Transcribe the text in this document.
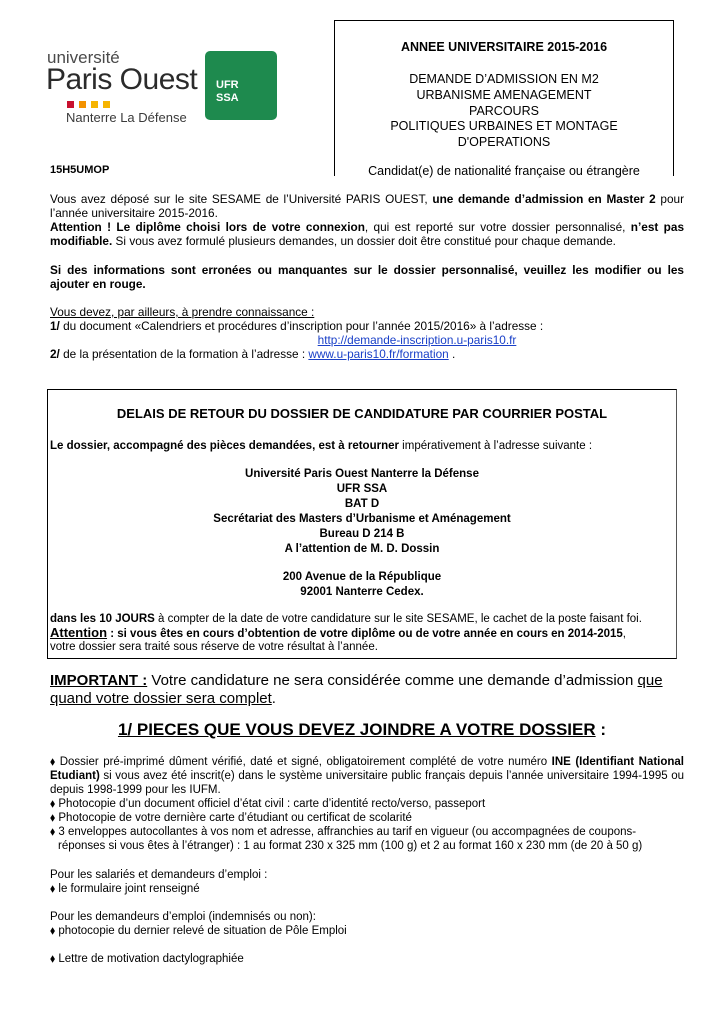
université
Paris Ouest
Nanterre La Défense
UFR
SSA
15H5UMOP
ANNEE UNIVERSITAIRE 2015-2016
DEMANDE D’ADMISSION EN M2
URBANISME AMENAGEMENT
PARCOURS
POLITIQUES URBAINES ET MONTAGE
D'OPERATIONS
Candidat(e) de nationalité française ou étrangère
Vous avez déposé sur le site SESAME de l’Université PARIS OUEST, une demande d’admission en Master 2 pour l’année universitaire 2015-2016.
Attention ! Le diplôme choisi lors de votre connexion, qui est reporté sur votre dossier personnalisé, n’est pas modifiable. Si vous avez formulé plusieurs demandes, un dossier doit être constitué pour chaque demande.
Si des informations sont erronées ou manquantes sur le dossier personnalisé, veuillez les modifier ou les ajouter en rouge.
Vous devez, par ailleurs, à prendre connaissance :
1/ du document «Calendriers et procédures d’inscription pour l’année 2015/2016» à l’adresse :
http://demande-inscription.u-paris10.fr
2/ de la présentation de la formation à l’adresse : www.u-paris10.fr/formation .
DELAIS DE RETOUR DU DOSSIER DE CANDIDATURE PAR COURRIER POSTAL
Le dossier, accompagné des pièces demandées, est à retourner impérativement à l’adresse suivante :
Université Paris Ouest Nanterre la Défense
UFR SSA
BAT D
Secrétariat des Masters d’Urbanisme et Aménagement
Bureau D 214 B
A l’attention de M. D. Dossin
200 Avenue de la République
92001 Nanterre Cedex.
dans les 10 JOURS à compter de la date de votre candidature sur le site SESAME, le cachet de la poste faisant foi.
Attention : si vous êtes en cours d’obtention de votre diplôme ou de votre année en cours en 2014-2015,
votre dossier sera traité sous réserve de votre résultat à l’année.
IMPORTANT : Votre candidature ne sera considérée comme une demande d’admission que
quand votre dossier sera complet.
1/ PIECES QUE VOUS DEVEZ JOINDRE A VOTRE DOSSIER :
⬧ Dossier pré-imprimé dûment vérifié, daté et signé, obligatoirement complété de votre numéro INE (Identifiant National Etudiant) si vous avez été inscrit(e) dans le système universitaire public français depuis l’année universitaire 1994-1995 ou depuis 1998-1999 pour les IUFM.
⬧ Photocopie d’un document officiel d’état civil : carte d’identité recto/verso, passeport
⬧ Photocopie de votre dernière carte d’étudiant ou certificat de scolarité
⬧ 3 enveloppes autocollantes à vos nom et adresse, affranchies au tarif en vigueur (ou accompagnées de coupons-
réponses si vous êtes à l’étranger) : 1 au format 230 x 325 mm (100 g) et 2 au format 160 x 230 mm (de 20 à 50 g)
Pour les salariés et demandeurs d’emploi :
⬧ le formulaire joint renseigné
Pour les demandeurs d’emploi (indemnisés ou non):
⬧ photocopie du dernier relevé de situation de Pôle Emploi
⬧ Lettre de motivation dactylographiée
